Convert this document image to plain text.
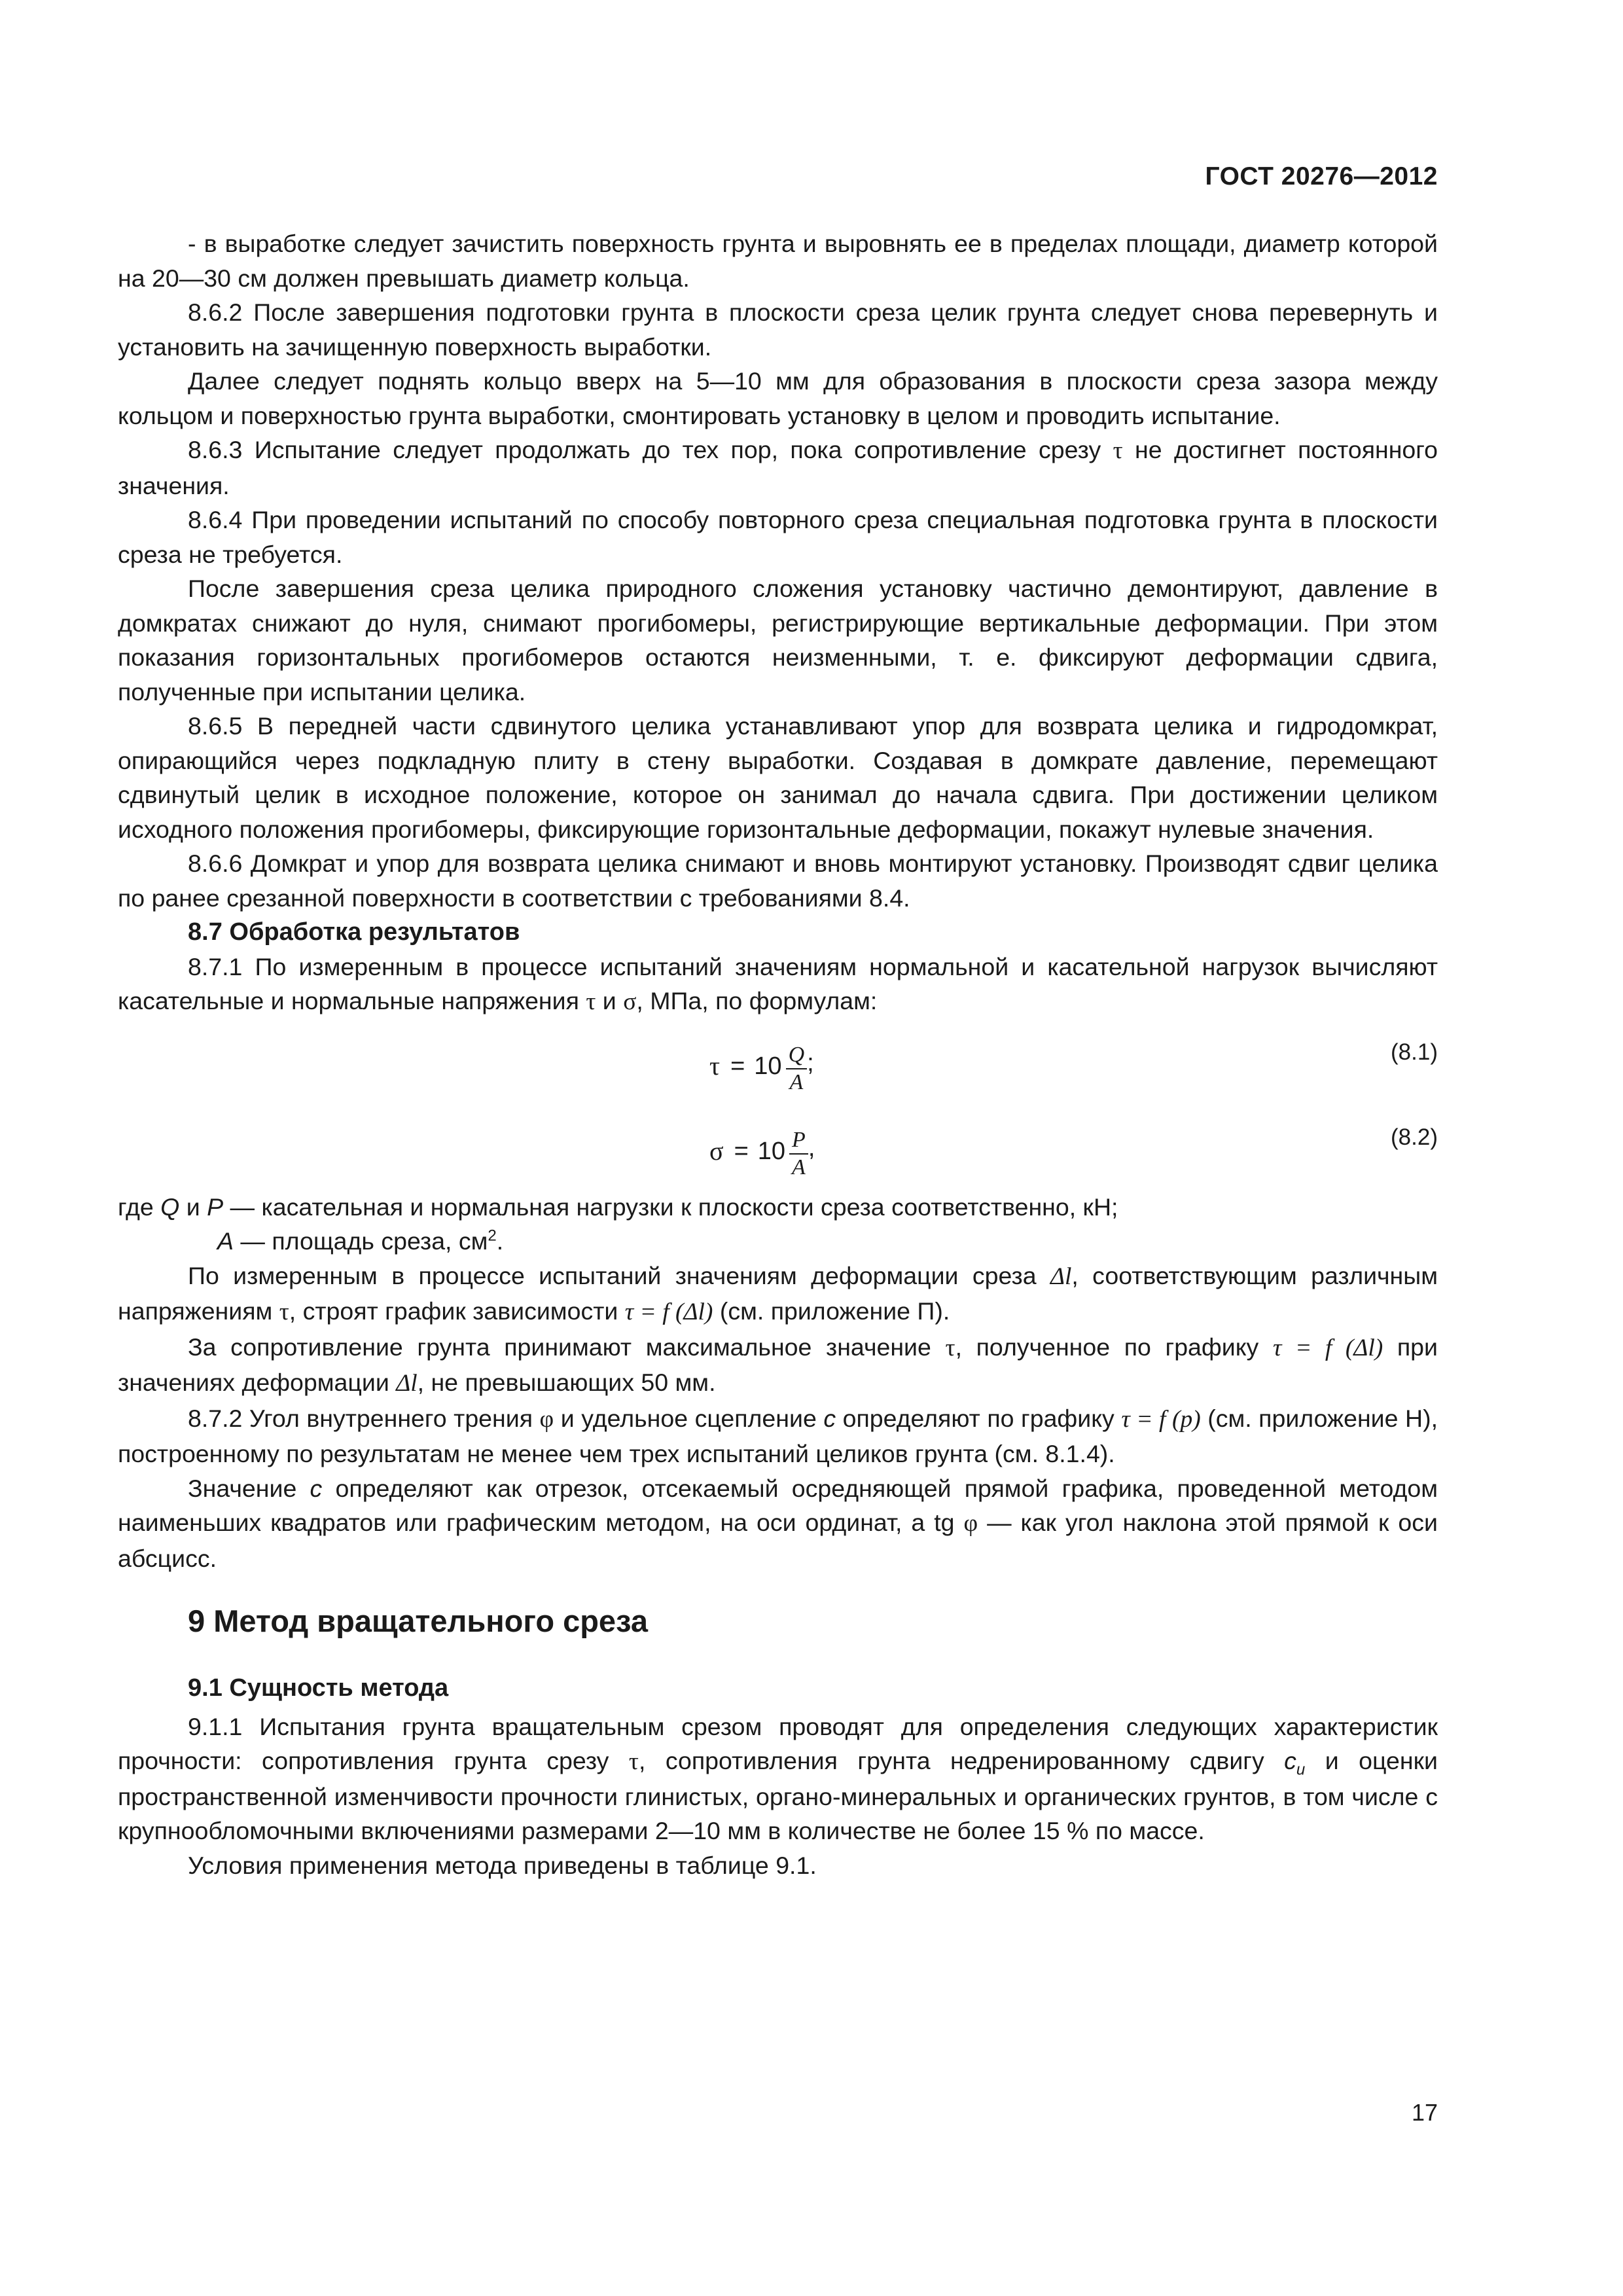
ГОСТ 20276—2012

- в выработке следует зачистить поверхность грунта и выровнять ее в пределах площади, диаметр которой на 20—30 см должен превышать диаметр кольца.

8.6.2 После завершения подготовки грунта в плоскости среза целик грунта следует снова перевернуть и установить на зачищенную поверхность выработки.

Далее следует поднять кольцо вверх на 5—10 мм для образования в плоскости среза зазора между кольцом и поверхностью грунта выработки, смонтировать установку в целом и проводить испытание.

8.6.3 Испытание следует продолжать до тех пор, пока сопротивление срезу τ не достигнет постоянного значения.

8.6.4 При проведении испытаний по способу повторного среза специальная подготовка грунта в плоскости среза не требуется.

После завершения среза целика природного сложения установку частично демонтируют, давление в домкратах снижают до нуля, снимают прогибомеры, регистрирующие вертикальные деформации. При этом показания горизонтальных прогибомеров остаются неизменными, т. е. фиксируют деформации сдвига, полученные при испытании целика.

8.6.5 В передней части сдвинутого целика устанавливают упор для возврата целика и гидродомкрат, опирающийся через подкладную плиту в стену выработки. Создавая в домкрате давление, перемещают сдвинутый целик в исходное положение, которое он занимал до начала сдвига. При достижении целиком исходного положения прогибомеры, фиксирующие горизонтальные деформации, покажут нулевые значения.

8.6.6 Домкрат и упор для возврата целика снимают и вновь монтируют установку. Производят сдвиг целика по ранее срезанной поверхности в соответствии с требованиями 8.4.

8.7 Обработка результатов

8.7.1 По измеренным в процессе испытаний значениям нормальной и касательной нагрузок вычисляют касательные и нормальные напряжения τ и σ, МПа, по формулам:

$\tau = 10 \frac{Q}{A}$ ;	(8.1)
$\sigma = 10 \frac{P}{A}$ ,	(8.2)

где Q и P — касательная и нормальная нагрузки к плоскости среза соответственно, кН;

A — площадь среза, $см^2$.

По измеренным в процессе испытаний значениям деформации среза Δl, соответствующим различным напряжениям τ, строят график зависимости τ = f (Δl) (см. приложение П).

За сопротивление грунта принимают максимальное значение τ, полученное по графику τ = f (Δl) при значениях деформации Δl, не превышающих 50 мм.

8.7.2 Угол внутреннего трения φ и удельное сцепление c определяют по графику τ = f (p) (см. приложение Н), построенному по результатам не менее чем трех испытаний целиков грунта (см. 8.1.4).

Значение c определяют как отрезок, отсекаемый осредняющей прямой графика, проведенной методом наименьших квадратов или графическим методом, на оси ординат, а tg φ — как угол наклона этой прямой к оси абсцисс.

9 Метод вращательного среза
9.1 Сущность метода

9.1.1 Испытания грунта вращательным срезом проводят для определения следующих характеристик прочности: сопротивления грунта срезу τ, сопротивления грунта недренированному сдвигу $c_u$ и оценки пространственной изменчивости прочности глинистых, органо-минеральных и органических грунтов, в том числе с крупнообломочными включениями размерами 2—10 мм в количестве не более 15 % по массе.

Условия применения метода приведены в таблице 9.1.

17
